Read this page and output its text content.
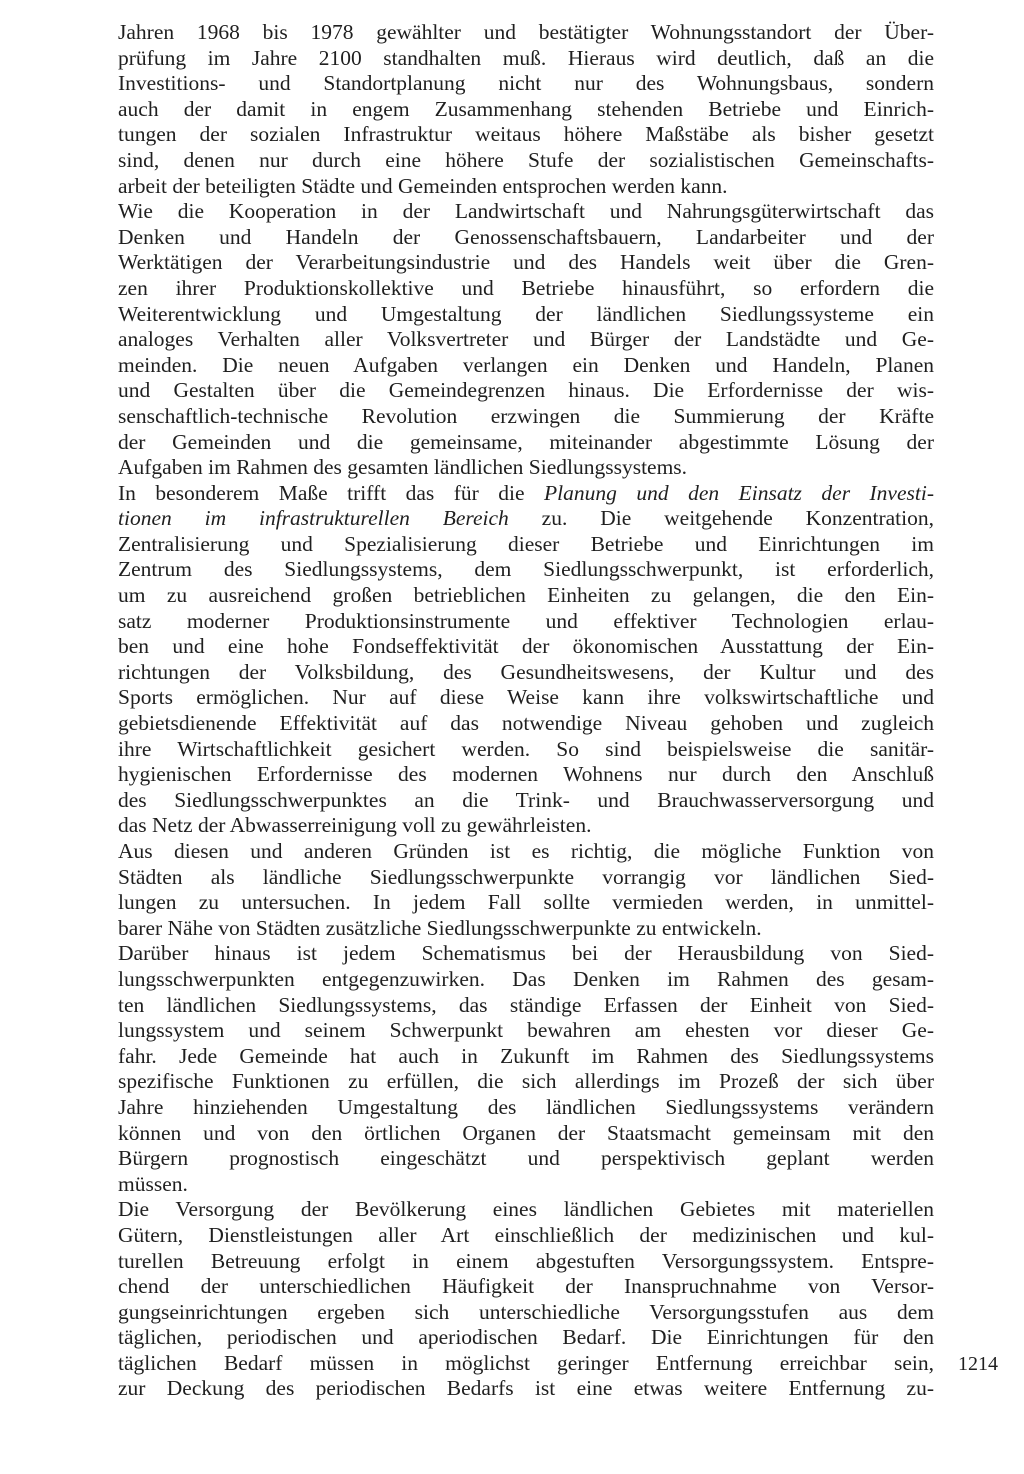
Jahren 1968 bis 1978 gewählter und bestätigter Wohnungsstandort der Über-
prüfung im Jahre 2100 standhalten muß. Hieraus wird deutlich, daß an die
Investitions- und Standortplanung nicht nur des Wohnungsbaus, sondern
auch der damit in engem Zusammenhang stehenden Betriebe und Einrich-
tungen der sozialen Infrastruktur weitaus höhere Maßstäbe als bisher gesetzt
sind, denen nur durch eine höhere Stufe der sozialistischen Gemeinschafts-
arbeit der beteiligten Städte und Gemeinden entsprochen werden kann.
Wie die Kooperation in der Landwirtschaft und Nahrungsgüterwirtschaft das
Denken und Handeln der Genossenschaftsbauern, Landarbeiter und der
Werktätigen der Verarbeitungsindustrie und des Handels weit über die Gren-
zen ihrer Produktionskollektive und Betriebe hinausführt, so erfordern die
Weiterentwicklung und Umgestaltung der ländlichen Siedlungssysteme ein
analoges Verhalten aller Volksvertreter und Bürger der Landstädte und Ge-
meinden. Die neuen Aufgaben verlangen ein Denken und Handeln, Planen
und Gestalten über die Gemeindegrenzen hinaus. Die Erfordernisse der wis-
senschaftlich-technische Revolution erzwingen die Summierung der Kräfte
der Gemeinden und die gemeinsame, miteinander abgestimmte Lösung der
Aufgaben im Rahmen des gesamten ländlichen Siedlungssystems.
In besonderem Maße trifft das für die Planung und den Einsatz der Investi-
tionen im infrastrukturellen Bereich zu. Die weitgehende Konzentration,
Zentralisierung und Spezialisierung dieser Betriebe und Einrichtungen im
Zentrum des Siedlungssystems, dem Siedlungsschwerpunkt, ist erforderlich,
um zu ausreichend großen betrieblichen Einheiten zu gelangen, die den Ein-
satz moderner Produktionsinstrumente und effektiver Technologien erlau-
ben und eine hohe Fondseffektivität der ökonomischen Ausstattung der Ein-
richtungen der Volksbildung, des Gesundheitswesens, der Kultur und des
Sports ermöglichen. Nur auf diese Weise kann ihre volkswirtschaftliche und
gebietsdienende Effektivität auf das notwendige Niveau gehoben und zugleich
ihre Wirtschaftlichkeit gesichert werden. So sind beispielsweise die sanitär-
hygienischen Erfordernisse des modernen Wohnens nur durch den Anschluß
des Siedlungsschwerpunktes an die Trink- und Brauchwasserversorgung und
das Netz der Abwasserreinigung voll zu gewährleisten.
Aus diesen und anderen Gründen ist es richtig, die mögliche Funktion von
Städten als ländliche Siedlungsschwerpunkte vorrangig vor ländlichen Sied-
lungen zu untersuchen. In jedem Fall sollte vermieden werden, in unmittel-
barer Nähe von Städten zusätzliche Siedlungsschwerpunkte zu entwickeln.
Darüber hinaus ist jedem Schematismus bei der Herausbildung von Sied-
lungsschwerpunkten entgegenzuwirken. Das Denken im Rahmen des gesam-
ten ländlichen Siedlungssystems, das ständige Erfassen der Einheit von Sied-
lungssystem und seinem Schwerpunkt bewahren am ehesten vor dieser Ge-
fahr. Jede Gemeinde hat auch in Zukunft im Rahmen des Siedlungssystems
spezifische Funktionen zu erfüllen, die sich allerdings im Prozeß der sich über
Jahre hinziehenden Umgestaltung des ländlichen Siedlungssystems verändern
können und von den örtlichen Organen der Staatsmacht gemeinsam mit den
Bürgern prognostisch eingeschätzt und perspektivisch geplant werden
müssen.
Die Versorgung der Bevölkerung eines ländlichen Gebietes mit materiellen
Gütern, Dienstleistungen aller Art einschließlich der medizinischen und kul-
turellen Betreuung erfolgt in einem abgestuften Versorgungssystem. Entspre-
chend der unterschiedlichen Häufigkeit der Inanspruchnahme von Versor-
gungseinrichtungen ergeben sich unterschiedliche Versorgungsstufen aus dem
täglichen, periodischen und aperiodischen Bedarf. Die Einrichtungen für den
täglichen Bedarf müssen in möglichst geringer Entfernung erreichbar sein,
zur Deckung des periodischen Bedarfs ist eine etwas weitere Entfernung zu-
1214
